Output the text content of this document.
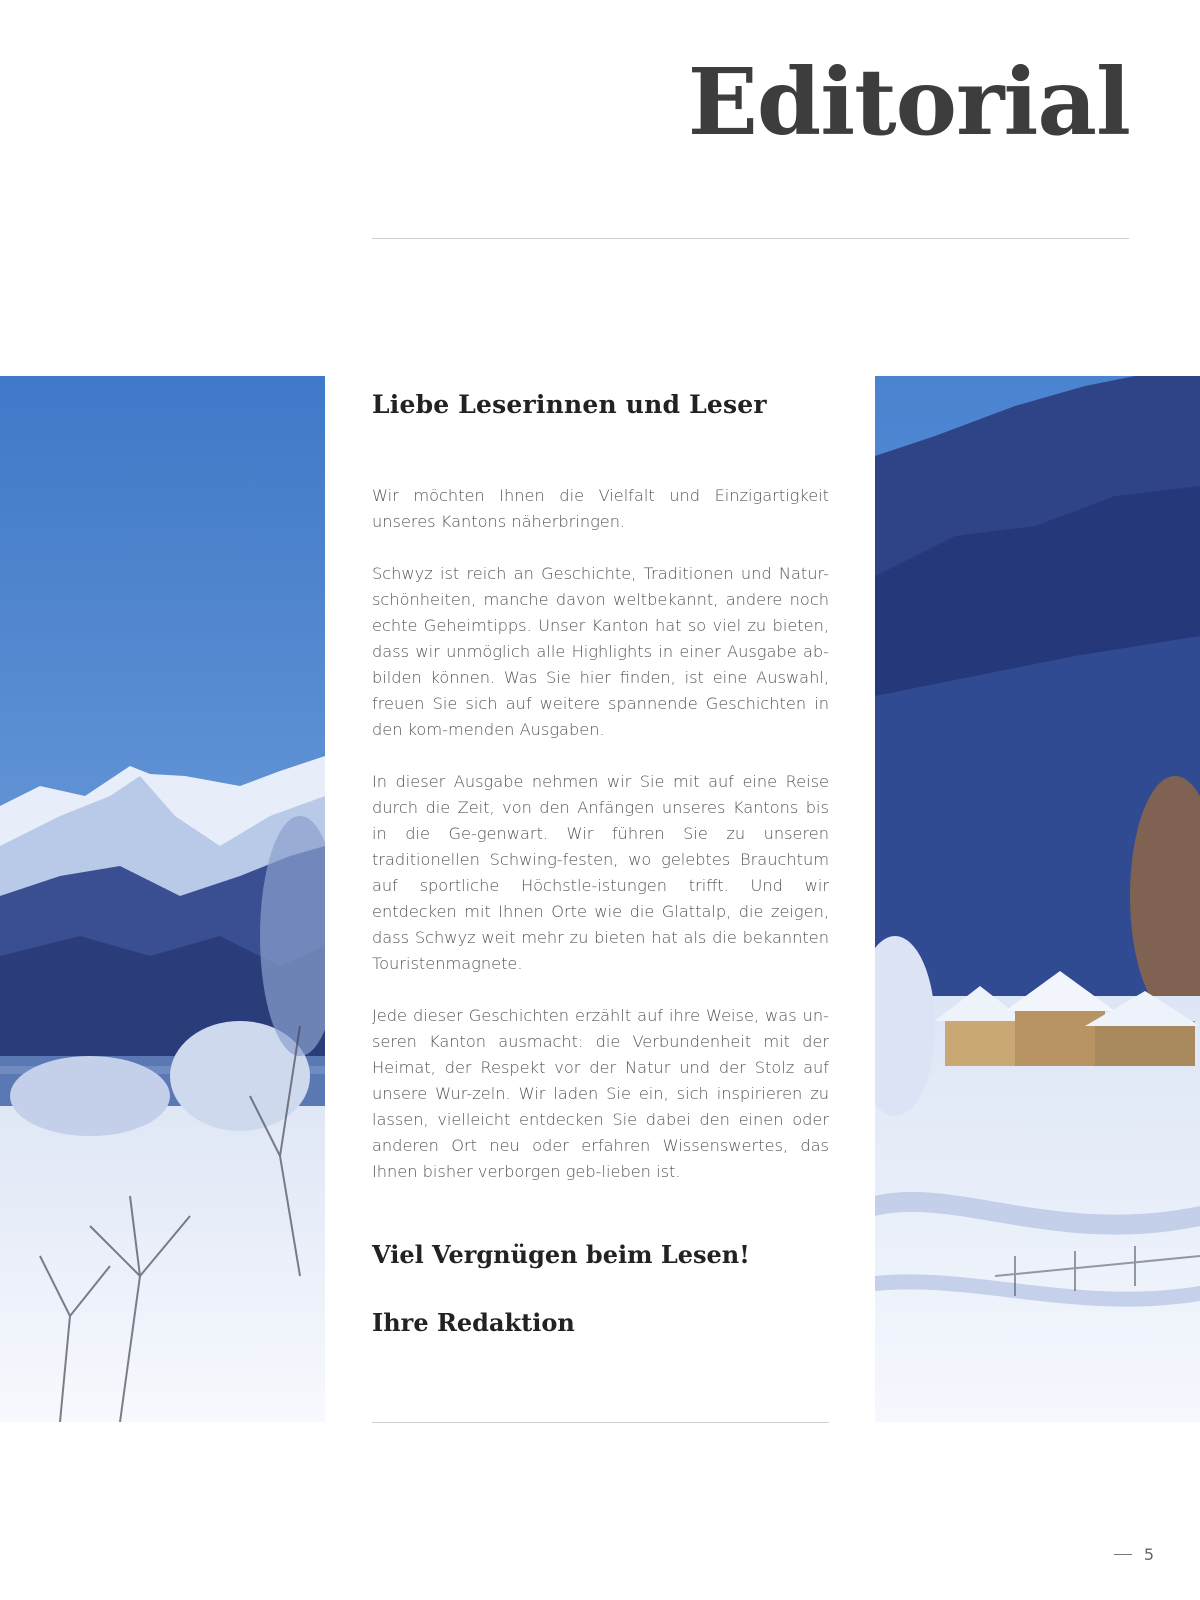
Editorial
Liebe Leserinnen und Leser

Wir möchten Ihnen die Vielfalt und Einzigartigkeit unseres Kantons näherbringen.

Schwyz ist reich an Geschichte, Traditionen und Natur-schönheiten, manche davon weltbekannt, andere noch echte Geheimtipps. Unser Kanton hat so viel zu bieten, dass wir unmöglich alle Highlights in einer Ausgabe ab-bilden können. Was Sie hier finden, ist eine Auswahl, freuen Sie sich auf weitere spannende Geschichten in den kom-menden Ausgaben.

In dieser Ausgabe nehmen wir Sie mit auf eine Reise durch die Zeit, von den Anfängen unseres Kantons bis in die Ge-genwart. Wir führen Sie zu unseren traditionellen Schwing-festen, wo gelebtes Brauchtum auf sportliche Höchstle-istungen trifft. Und wir entdecken mit Ihnen Orte wie die Glattalp, die zeigen, dass Schwyz weit mehr zu bieten hat als die bekannten Touristenmagnete.

Jede dieser Geschichten erzählt auf ihre Weise, was un-seren Kanton ausmacht: die Verbundenheit mit der Heimat, der Respekt vor der Natur und der Stolz auf unsere Wur-zeln. Wir laden Sie ein, sich inspirieren zu lassen, vielleicht entdecken Sie dabei den einen oder anderen Ort neu oder erfahren Wissenswertes, das Ihnen bisher verborgen geb-lieben ist.

Viel Vergnügen beim Lesen!
Ihre Redaktion
5
